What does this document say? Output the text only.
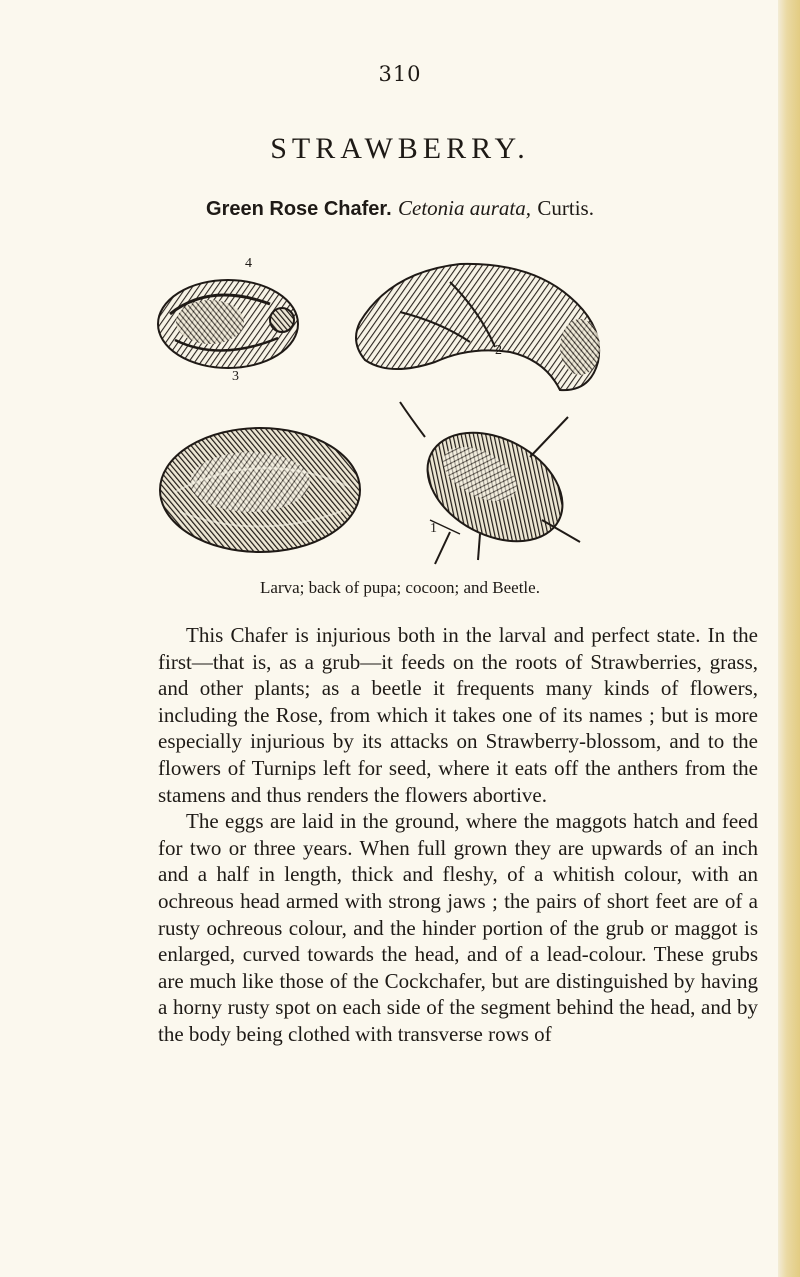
310
STRAWBERRY.
Green Rose Chafer. Cetonia aurata, Curtis.
4
2
3
1
Larva; back of pupa; cocoon; and Beetle.

This Chafer is injurious both in the larval and perfect state. In the first—that is, as a grub—it feeds on the roots of Strawberries, grass, and other plants; as a beetle it frequents many kinds of flowers, including the Rose, from which it takes one of its names ; but is more especially injurious by its attacks on Strawberry-blossom, and to the flowers of Turnips left for seed, where it eats off the anthers from the stamens and thus renders the flowers abortive.

The eggs are laid in the ground, where the maggots hatch and feed for two or three years. When full grown they are upwards of an inch and a half in length, thick and fleshy, of a whitish colour, with an ochreous head armed with strong jaws ; the pairs of short feet are of a rusty ochreous colour, and the hinder portion of the grub or maggot is enlarged, curved towards the head, and of a lead-colour. These grubs are much like those of the Cockchafer, but are distinguished by having a horny rusty spot on each side of the segment behind the head, and by the body being clothed with transverse rows of
